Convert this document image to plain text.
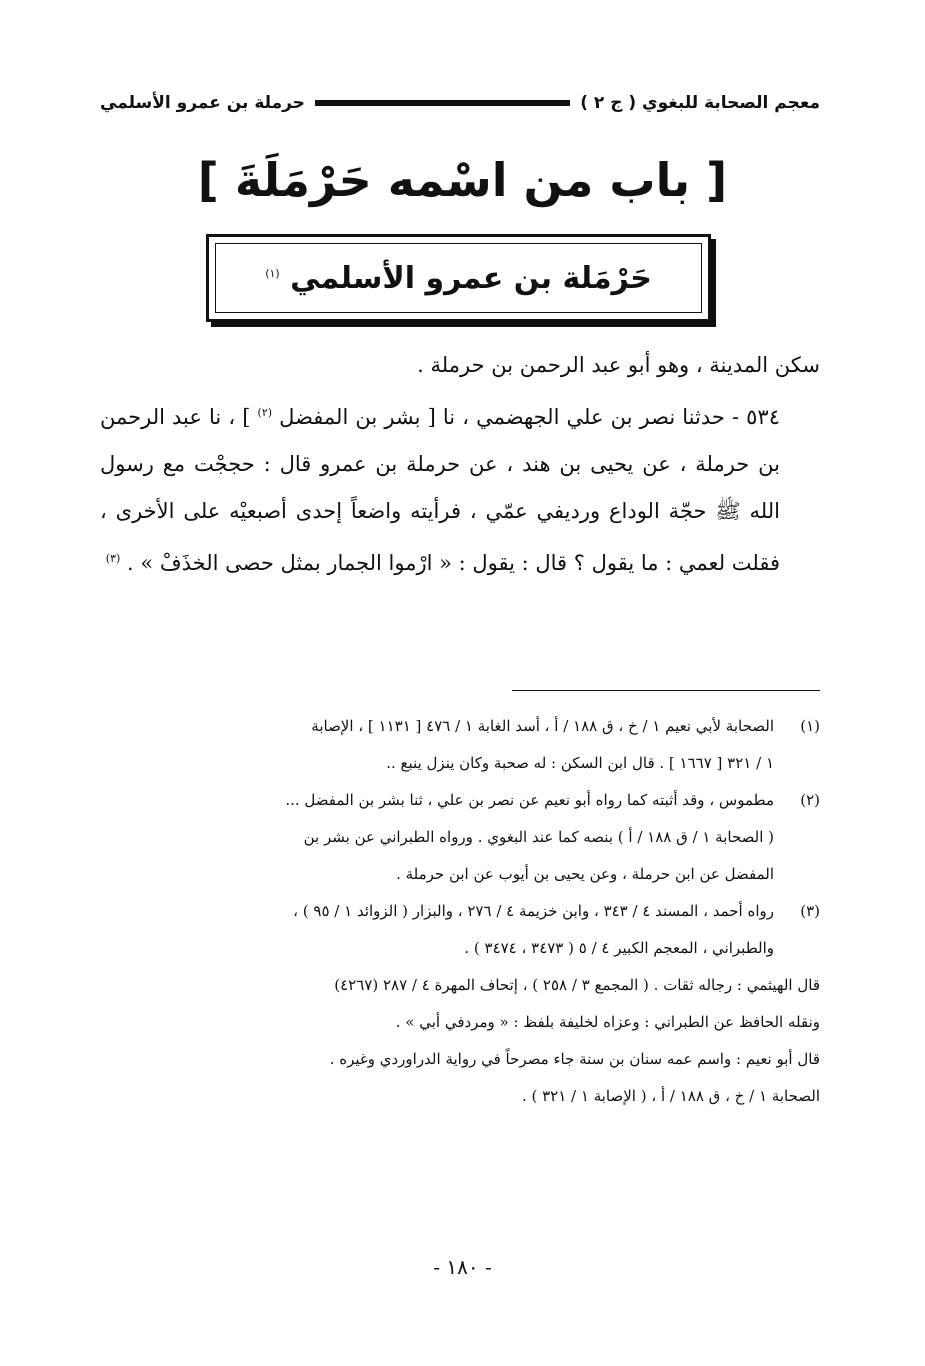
معجم الصحابة للبغوي ( ج ٢ )
حرملة بن عمرو الأسلمي
[ باب من اسْمه حَرْمَلَةَ ]
حَرْمَلة بن عمرو الأسلمي $^{(١)}$

سكن المدينة ، وهو أبو عبد الرحمن بن حرملة .

٥٣٤ - حدثنا نصر بن علي الجهضمي ، نا [ بشر بن المفضل $^{(٢)}$ ] ، نا عبد الرحمن بن حرملة ، عن يحيى بن هند ، عن حرملة بن عمرو قال : حججْت مع رسول الله ﷺ حجّة الوداع ورديفي عمّي ، فرأيته واضعاً إحدى أصبعيْه على الأخرى ، فقلت لعمي : ما يقول ؟ قال : يقول : « ارْموا الجمار بمثل حصى الخذَفْ » . $^{(٣)}$

(١)
الصحابة لأبي نعيم ١ / خ ، ق ١٨٨ / أ ، أسد الغابة ١ / ٤٧٦ [ ١١٣١ ] ، الإصابة
١ / ٣٢١ [ ١٦٦٧ ] . قال ابن السكن : له صحبة وكان ينزل ينبع ..
(٢)
مطموس ، وقد أثبته كما رواه أبو نعيم عن نصر بن علي ، ثنا بشر بن المفضل ...
( الصحابة ١ / ق ١٨٨ / أ ) بنصه كما عند البغوي . ورواه الطبراني عن بشر بن
المفضل عن ابن حرملة ، وعن يحيى بن أيوب عن ابن حرملة .
(٣)
رواه أحمد ، المسند ٤ / ٣٤٣ ، وابن خزيمة ٤ / ٢٧٦ ، والبزار ( الزوائد ١ / ٩٥ ) ،
والطبراني ، المعجم الكبير ٤ / ٥ ( ٣٤٧٣ ، ٣٤٧٤ ) .
قال الهيثمي : رجاله ثقات . ( المجمع ٣ / ٢٥٨ ) ، إتحاف المهرة ٤ / ٢٨٧ (٤٢٦٧)
ونقله الحافظ عن الطبراني : وعزاه لخليفة بلفظ : « ومردفي أبي » .
قال أبو نعيم : واسم عمه سنان بن سنة جاء مصرحاً في رواية الدراوردي وغيره .
الصحابة ١ / خ ، ق ١٨٨ / أ ، ( الإصابة ١ / ٣٢١ ) .
- ١٨٠ -
